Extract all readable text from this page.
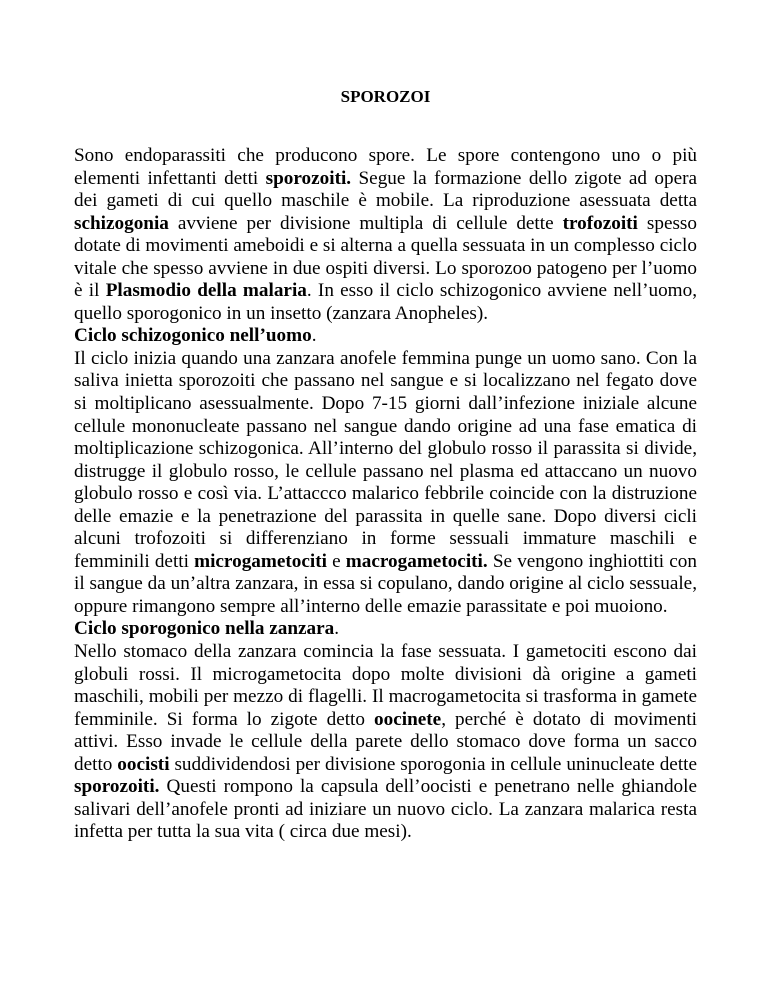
SPOROZOI

Sono endoparassiti che producono spore. Le spore contengono uno o più elementi infettanti detti sporozoiti. Segue la formazione dello zigote ad opera dei gameti di cui quello maschile è mobile. La riproduzione asessuata detta schizogonia avviene per divisione multipla di cellule dette trofozoiti spesso dotate di movimenti ameboidi e si alterna a quella sessuata in un complesso ciclo vitale che spesso avviene in due ospiti diversi. Lo sporozoo patogeno per l’uomo è il Plasmodio della malaria. In esso il ciclo schizogonico avviene nell’uomo, quello sporogonico in un insetto (zanzara Anopheles).

Ciclo schizogonico nell’uomo.

Il ciclo inizia quando una zanzara anofele femmina punge un uomo sano. Con la saliva inietta sporozoiti che passano nel sangue e si localizzano nel fegato dove si moltiplicano asessualmente. Dopo 7-15 giorni dall’infezione iniziale alcune cellule mononucleate passano nel sangue dando origine ad una fase ematica di moltiplicazione schizogonica. All’interno del globulo rosso il parassita si divide, distrugge il globulo rosso, le cellule passano nel plasma ed attaccano un nuovo globulo rosso e così via. L’attaccco malarico febbrile coincide con la distruzione delle emazie e la penetrazione del parassita in quelle sane. Dopo diversi cicli alcuni trofozoiti si differenziano in forme sessuali immature maschili e femminili detti microgametociti e macrogametociti. Se vengono inghiottiti con il sangue da un’altra zanzara, in essa si copulano, dando origine al ciclo sessuale, oppure rimangono sempre all’interno delle emazie parassitate e poi muoiono.

Ciclo sporogonico nella zanzara.

Nello stomaco della zanzara comincia la fase sessuata. I gametociti escono dai globuli rossi. Il microgametocita dopo molte divisioni dà origine a gameti maschili, mobili per mezzo di flagelli. Il macrogametocita si trasforma in gamete femminile. Si forma lo zigote detto oocinete, perché è dotato di movimenti attivi. Esso invade le cellule della parete dello stomaco dove forma un sacco detto oocisti suddividendosi per divisione sporogonia in cellule uninucleate dette sporozoiti. Questi rompono la capsula dell’oocisti e penetrano nelle ghiandole salivari dell’anofele pronti ad iniziare un nuovo ciclo. La zanzara malarica resta infetta per tutta la sua vita ( circa due mesi).
